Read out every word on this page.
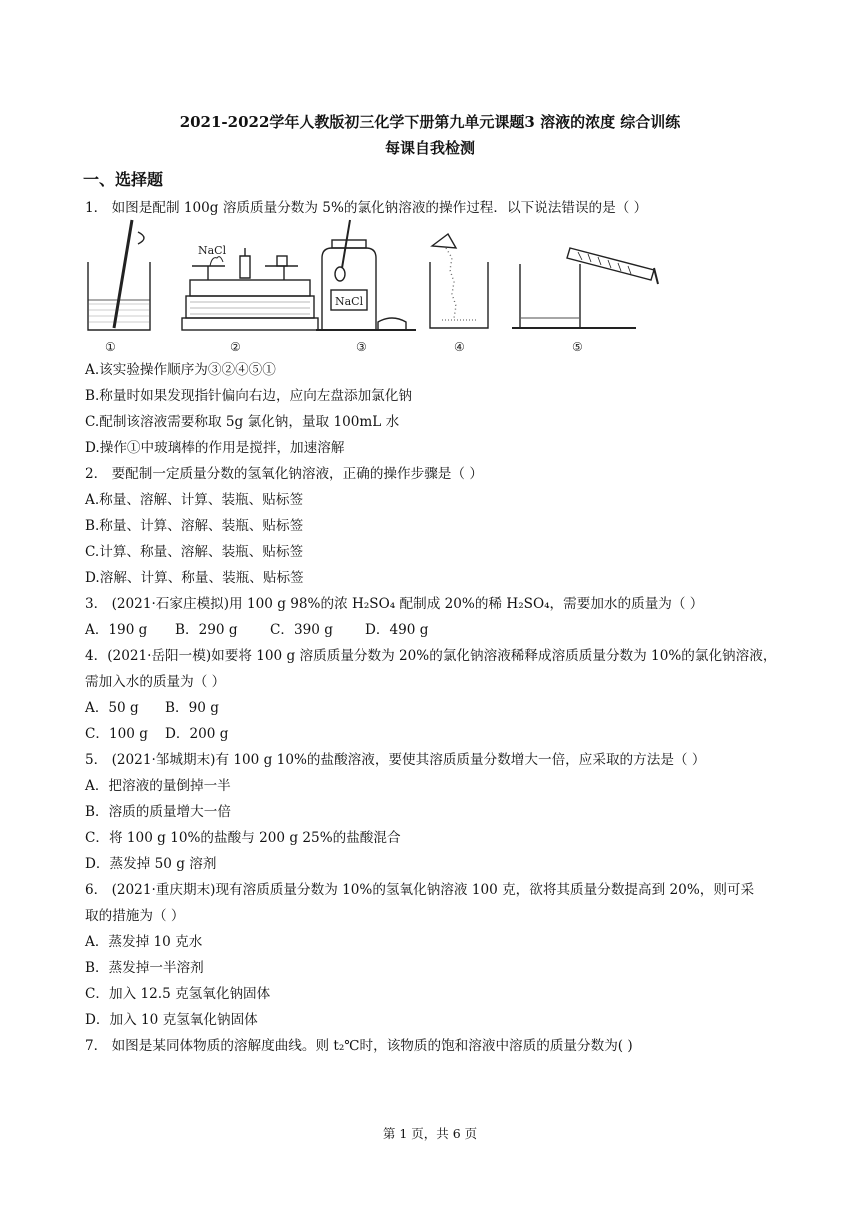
2021-2022学年人教版初三化学下册第九单元课题3 溶液的浓度 综合训练
每课自我检测
一、选择题
1． 如图是配制 100g 溶质质量分数为 5%的氯化钠溶液的操作过程．以下说法错误的是（ ）
①
NaCl
②
NaCl
③	④	⑤
A.该实验操作顺序为③②④⑤①
B.称量时如果发现指针偏向右边，应向左盘添加氯化钠
C.配制该溶液需要称取 5g 氯化钠，量取 100mL 水
D.操作①中玻璃棒的作用是搅拌，加速溶解
2． 要配制一定质量分数的氢氧化钠溶液，正确的操作步骤是（ ）
A.称量、溶解、计算、装瓶、贴标签
B.称量、计算、溶解、装瓶、贴标签
C.计算、称量、溶解、装瓶、贴标签
D.溶解、计算、称量、装瓶、贴标签
3． (2021·石家庄模拟)用 100 g 98%的浓 H₂SO₄ 配制成 20%的稀 H₂SO₄，需要加水的质量为（ ）
A．190 g B．290 g C．390 g D．490 g
4．(2021·岳阳一模)如要将 100 g 溶质质量分数为 20%的氯化钠溶液稀释成溶质质量分数为 10%的氯化钠溶液，
需加入水的质量为（ ）
A．50 g B．90 g
C．100 g D．200 g
5． (2021·邹城期末)有 100 g 10%的盐酸溶液，要使其溶质质量分数增大一倍，应采取的方法是（ ）
A．把溶液的量倒掉一半
B．溶质的质量增大一倍
C．将 100 g 10%的盐酸与 200 g 25%的盐酸混合
D．蒸发掉 50 g 溶剂
6． (2021·重庆期末)现有溶质质量分数为 10%的氢氧化钠溶液 100 克，欲将其质量分数提高到 20%，则可采
取的措施为（ ）
A．蒸发掉 10 克水
B．蒸发掉一半溶剂
C．加入 12.5 克氢氧化钠固体
D．加入 10 克氢氧化钠固体
7． 如图是某同体物质的溶解度曲线。则 t₂℃时，该物质的饱和溶液中溶质的质量分数为( )
第 1 页，共 6 页
